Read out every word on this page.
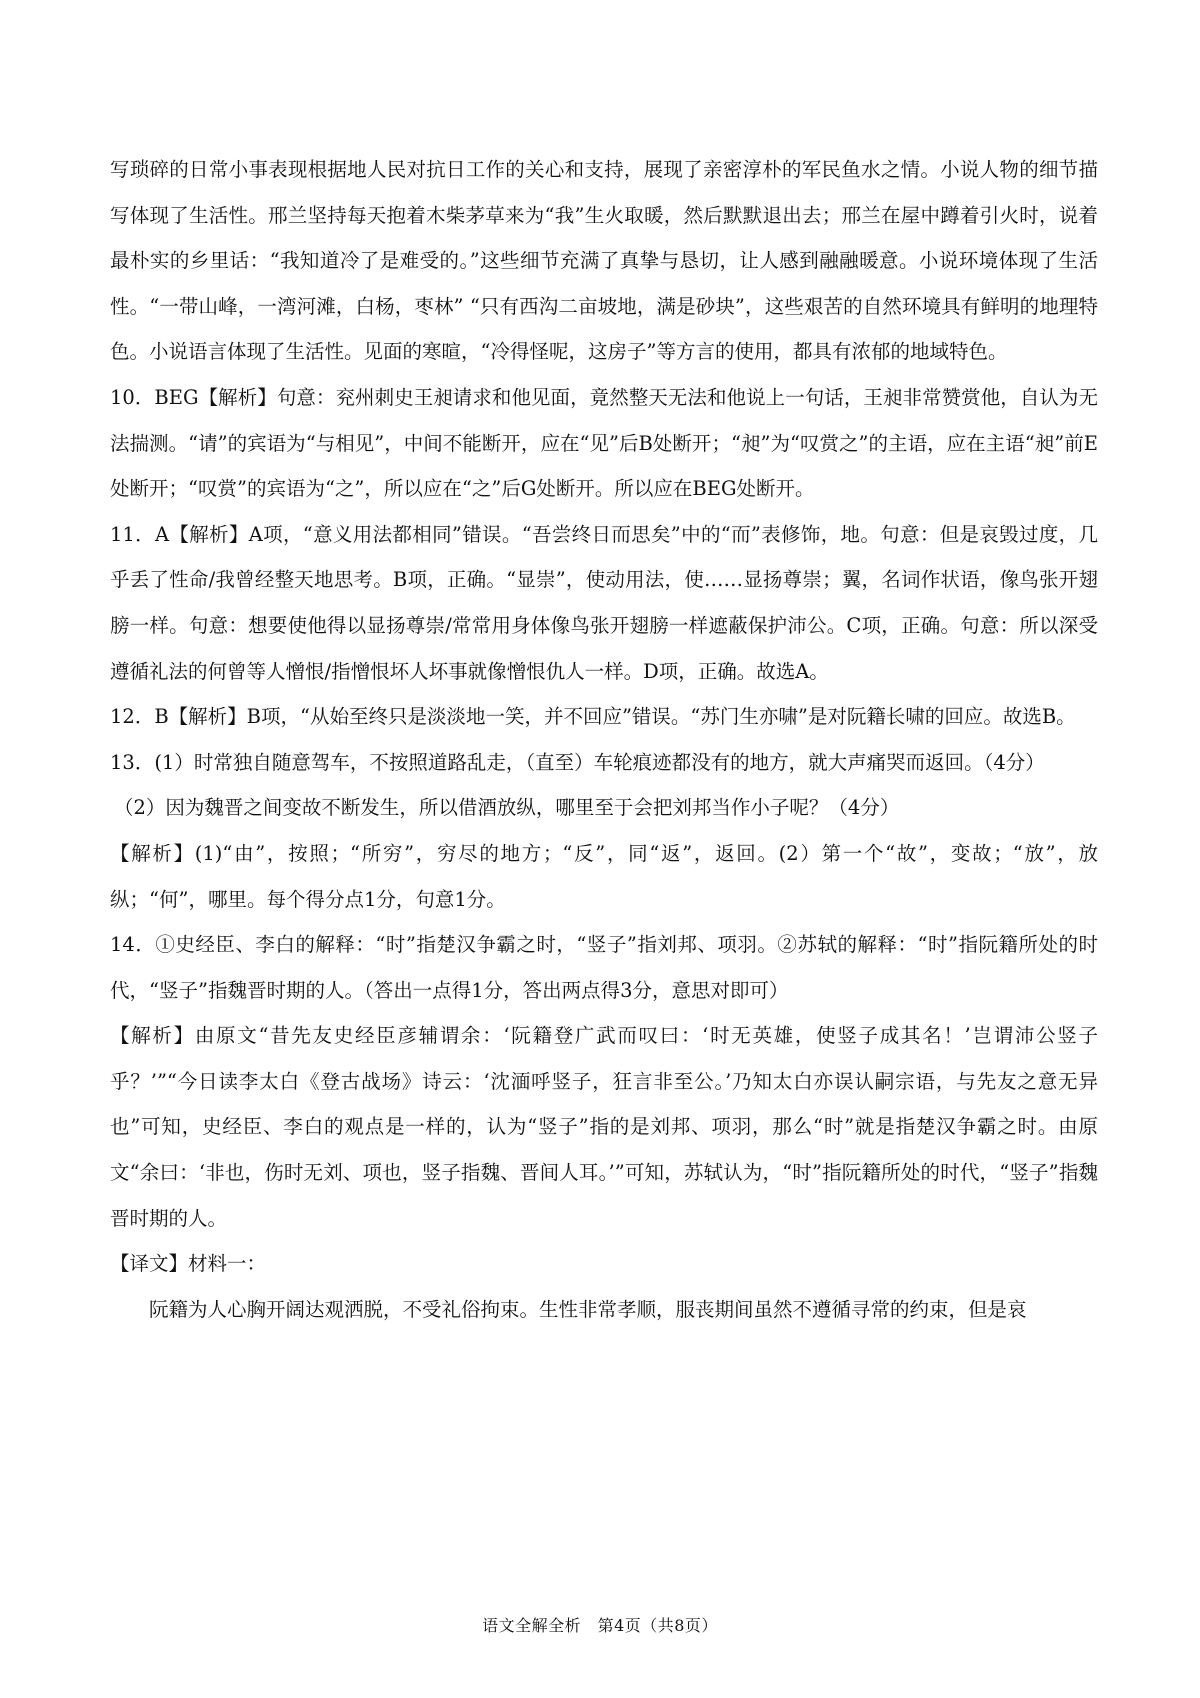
写琐碎的日常小事表现根据地人民对抗日工作的关心和支持，展现了亲密淳朴的军民鱼水之情。小说人物的细节描写体现了生活性。邢兰坚持每天抱着木柴茅草来为“我”生火取暖，然后默默退出去；邢兰在屋中蹲着引火时，说着最朴实的乡里话：“我知道冷了是难受的。”这些细节充满了真挚与恳切，让人感到融融暖意。小说环境体现了生活性。“一带山峰，一湾河滩，白杨，枣林” “只有西沟二亩坡地，满是砂块”，这些艰苦的自然环境具有鲜明的地理特色。小说语言体现了生活性。见面的寒暄，“冷得怪呢，这房子”等方言的使用，都具有浓郁的地域特色。

10．BEG【解析】句意：兖州刺史王昶请求和他见面，竟然整天无法和他说上一句话，王昶非常赞赏他，自认为无法揣测。“请”的宾语为“与相见”，中间不能断开，应在“见”后B处断开；“昶”为“叹赏之”的主语，应在主语“昶”前E处断开；“叹赏”的宾语为“之”，所以应在“之”后G处断开。所以应在BEG处断开。

11．A【解析】A项，“意义用法都相同”错误。“吾尝终日而思矣”中的“而”表修饰，地。句意：但是哀毁过度，几乎丢了性命/我曾经整天地思考。B项，正确。“显崇”，使动用法，使……显扬尊崇；翼，名词作状语，像鸟张开翅膀一样。句意：想要使他得以显扬尊崇/常常用身体像鸟张开翅膀一样遮蔽保护沛公。C项，正确。句意：所以深受遵循礼法的何曾等人憎恨/指憎恨坏人坏事就像憎恨仇人一样。D项，正确。故选A。

12．B【解析】B项，“从始至终只是淡淡地一笑，并不回应”错误。“苏门生亦啸”是对阮籍长啸的回应。故选B。

13．(1）时常独自随意驾车，不按照道路乱走，（直至）车轮痕迹都没有的地方，就大声痛哭而返回。（4分）

（2）因为魏晋之间变故不断发生，所以借酒放纵，哪里至于会把刘邦当作小子呢？（4分）

【解析】(1)“由”，按照；“所穷”，穷尽的地方；“反”，同“返”，返回。(2）第一个“故”，变故；“放”，放纵；“何”，哪里。每个得分点1分，句意1分。

14．①史经臣、李白的解释：“时”指楚汉争霸之时，“竖子”指刘邦、项羽。②苏轼的解释：“时”指阮籍所处的时代，“竖子”指魏晋时期的人。（答出一点得1分，答出两点得3分，意思对即可）

【解析】由原文“昔先友史经臣彦辅谓余：‘阮籍登广武而叹曰：‘时无英雄，使竖子成其名！’岂谓沛公竖子乎？’”“今日读李太白《登古战场》诗云：‘沈湎呼竖子，狂言非至公。’乃知太白亦误认嗣宗语，与先友之意无异也”可知，史经臣、李白的观点是一样的，认为“竖子”指的是刘邦、项羽，那么“时”就是指楚汉争霸之时。由原文“余曰：‘非也，伤时无刘、项也，竖子指魏、晋间人耳。’”可知，苏轼认为，“时”指阮籍所处的时代，“竖子”指魏晋时期的人。

【译文】材料一：

阮籍为人心胸开阔达观洒脱，不受礼俗拘束。生性非常孝顺，服丧期间虽然不遵循寻常的约束，但是哀

语文全解全析　第4页（共8页）
